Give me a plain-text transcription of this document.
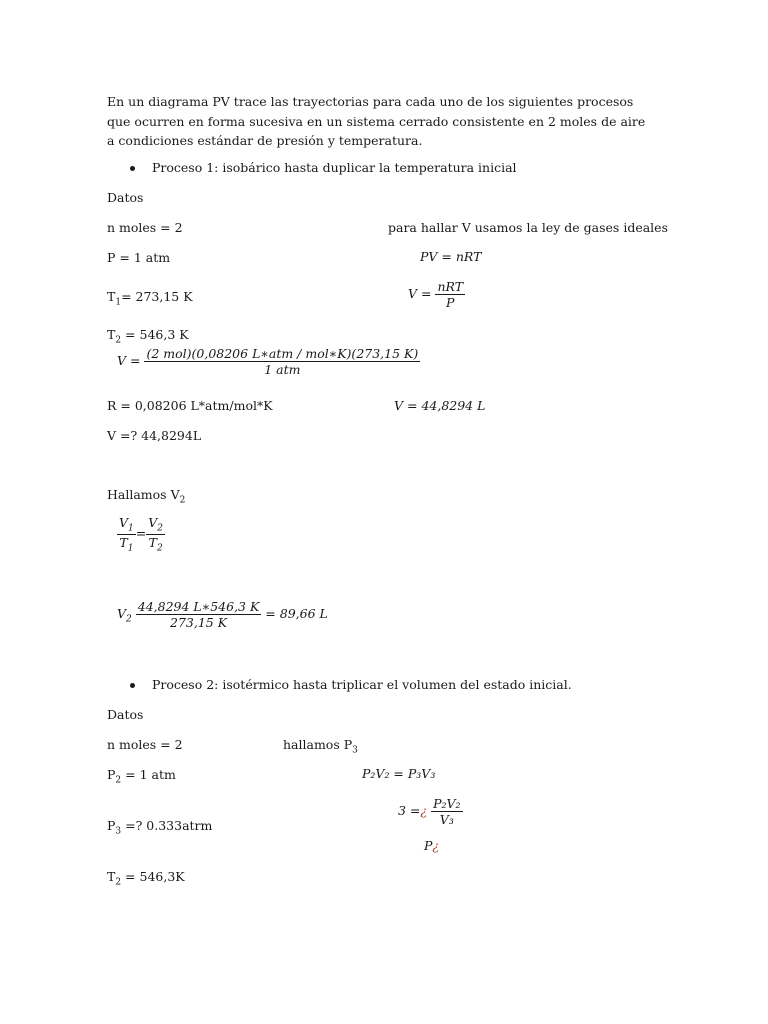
En un diagrama PV trace las trayectorias para cada uno de los siguientes procesos que ocurren en forma sucesiva en un sistema cerrado consistente en 2 moles de aire a condiciones estándar de presión y temperatura.
Proceso 1: isobárico hasta duplicar la temperatura inicial
Datos
n moles = 2	para hallar V usamos la ley de gases ideales
P = 1 atm	PV = nRT
$T_1= 273,15$ K	$V = \frac{\text{nRT}}{P}$
$T_2 = 546,3$ K
$V = \frac{\text{(2 mol)(0,08206 L∗atm / mol∗K)(273,15 K)}}{\text{1 atm}}$
R = 0,08206 L*atm/mol*K	V = 44,8294 L
V =? 44,8294L
Hallamos $V_2$
$\frac{V_1}{T_1} = \frac{V_2}{T_2}$
$V_2 \frac{44,8294 L∗546,3 K}{273,15 K} = 89,66$ L
Proceso 2: isotérmico hasta triplicar el volumen del estado inicial.
Datos
n moles = 2	hallamos $P_3$
$P_2 = 1$ atm	P₂V₂ = P₃V₃
$P_3$ =? 0.333atrm
3 =¿ $\frac{\text{P₂V₂}}{\text{V₃}}$
P¿
$T_2 = 546,3K$
